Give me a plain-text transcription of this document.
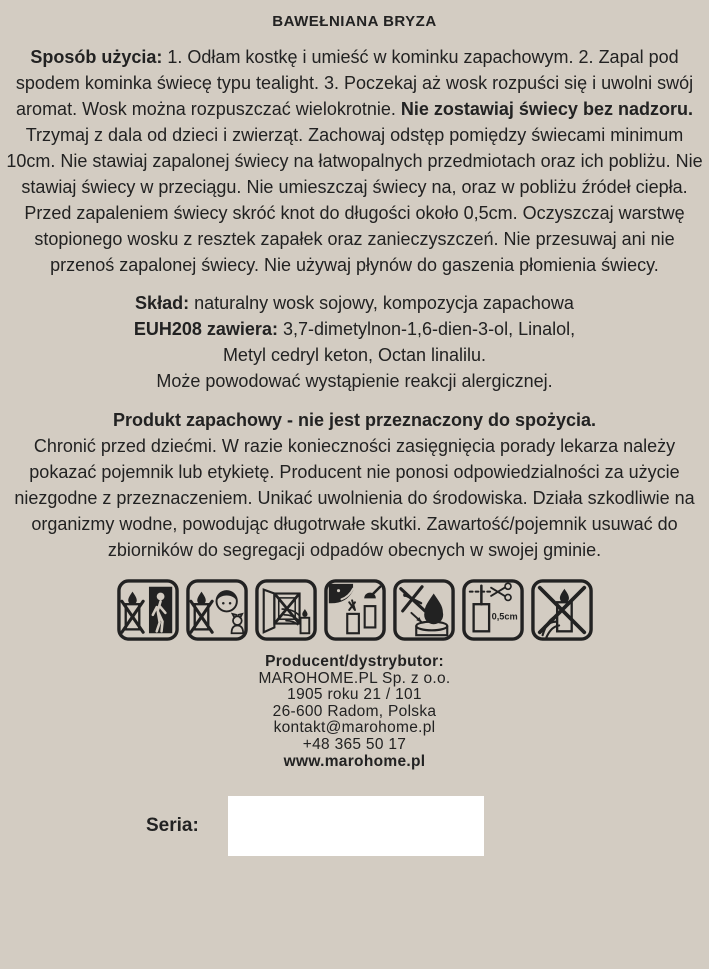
BAWEŁNIANA BRYZA
Sposób użycia: 1. Odłam kostkę i umieść w kominku zapachowym. 2. Zapal pod spodem kominka świecę typu tealight. 3. Poczekaj aż wosk rozpuści się i uwolni swój aromat. Wosk można rozpuszczać wielokrotnie. Nie zostawiaj świecy bez nadzoru.
Trzymaj z dala od dzieci i zwierząt. Zachowaj odstęp pomiędzy świecami minimum 10cm. Nie stawiaj zapalonej świecy na łatwopalnych przedmiotach oraz ich pobliżu. Nie stawiaj świecy w przeciągu. Nie umieszczaj świecy na, oraz w pobliżu źródeł ciepła. Przed zapaleniem świecy skróć knot do długości około 0,5cm. Oczyszczaj warstwę stopionego wosku z resztek zapałek oraz zanieczyszczeń. Nie przesuwaj ani nie przenoś zapalonej świecy. Nie używaj płynów do gaszenia płomienia świecy.
Skład: naturalny wosk sojowy, kompozycja zapachowa
EUH208 zawiera: 3,7-dimetylnon-1,6-dien-3-ol, Linalol,
Metyl cedryl keton, Octan linalilu.
Może powodować wystąpienie reakcji alergicznej.
Produkt zapachowy - nie jest przeznaczony do spożycia.
Chronić przed dziećmi. W razie konieczności zasięgnięcia porady lekarza należy pokazać pojemnik lub etykietę. Producent nie ponosi odpowiedzialności za użycie niezgodne z przeznaczeniem. Unikać uwolnienia do środowiska. Działa szkodliwie na organizmy wodne, powodując długotrwałe skutki. Zawartość/pojemnik usuwać do zbiorników do segregacji odpadów obecnych w swojej gminie.
0,5cm
Producent/dystrybutor:
MAROHOME.PL Sp. z o.o.
1905 roku 21 / 101
26-600 Radom, Polska
kontakt@marohome.pl
+48 365 50 17
www.marohome.pl
Seria:
